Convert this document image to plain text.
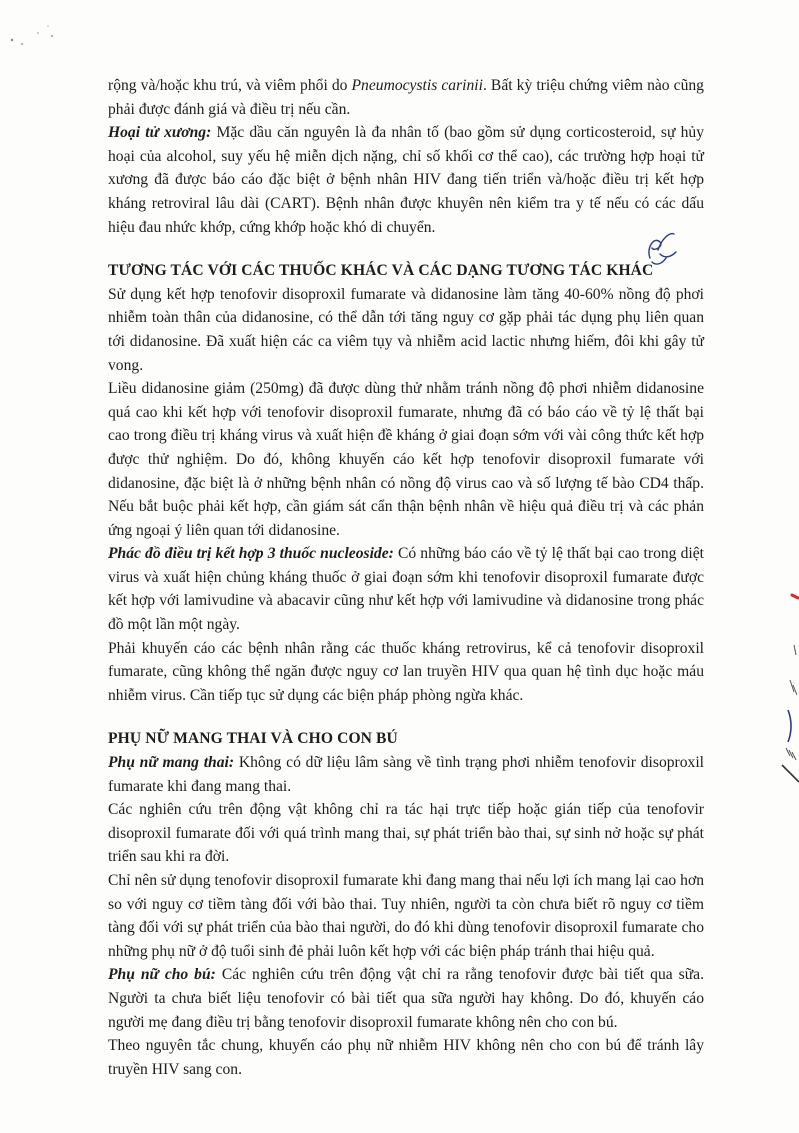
rộng và/hoặc khu trú, và viêm phổi do Pneumocystis carinii. Bất kỳ triệu chứng viêm nào cũng phải được đánh giá và điều trị nếu cần.

Hoại tử xương: Mặc dầu căn nguyên là đa nhân tố (bao gồm sử dụng corticosteroid, sự hủy hoại của alcohol, suy yếu hệ miễn dịch nặng, chỉ số khối cơ thể cao), các trường hợp hoại tử xương đã được báo cáo đặc biệt ở bệnh nhân HIV đang tiến triển và/hoặc điều trị kết hợp kháng retroviral lâu dài (CART). Bệnh nhân được khuyên nên kiểm tra y tế nếu có các dấu hiệu đau nhức khớp, cứng khớp hoặc khó di chuyển.

TƯƠNG TÁC VỚI CÁC THUỐC KHÁC VÀ CÁC DẠNG TƯƠNG TÁC KHÁC

Sử dụng kết hợp tenofovir disoproxil fumarate và didanosine làm tăng 40-60% nồng độ phơi nhiễm toàn thân của didanosine, có thể dẫn tới tăng nguy cơ gặp phải tác dụng phụ liên quan tới didanosine. Đã xuất hiện các ca viêm tụy và nhiễm acid lactic nhưng hiếm, đôi khi gây tử vong.

Liều didanosine giảm (250mg) đã được dùng thử nhằm tránh nồng độ phơi nhiễm didanosine quá cao khi kết hợp với tenofovir disoproxil fumarate, nhưng đã có báo cáo về tỷ lệ thất bại cao trong điều trị kháng virus và xuất hiện đề kháng ở giai đoạn sớm với vài công thức kết hợp được thử nghiệm. Do đó, không khuyến cáo kết hợp tenofovir disoproxil fumarate với didanosine, đặc biệt là ở những bệnh nhân có nồng độ virus cao và số lượng tế bào CD4 thấp. Nếu bắt buộc phải kết hợp, cần giám sát cẩn thận bệnh nhân về hiệu quả điều trị và các phản ứng ngoại ý liên quan tới didanosine.

Phác đồ điều trị kết hợp 3 thuốc nucleoside: Có những báo cáo về tỷ lệ thất bại cao trong diệt virus và xuất hiện chủng kháng thuốc ở giai đoạn sớm khi tenofovir disoproxil fumarate được kết hợp với lamivudine và abacavir cũng như kết hợp với lamivudine và didanosine trong phác đồ một lần một ngày.

Phải khuyến cáo các bệnh nhân rằng các thuốc kháng retrovirus, kể cả tenofovir disoproxil fumarate, cũng không thể ngăn được nguy cơ lan truyền HIV qua quan hệ tình dục hoặc máu nhiễm virus. Cần tiếp tục sử dụng các biện pháp phòng ngừa khác.

PHỤ NỮ MANG THAI VÀ CHO CON BÚ

Phụ nữ mang thai: Không có dữ liệu lâm sàng về tình trạng phơi nhiễm tenofovir disoproxil fumarate khi đang mang thai.

Các nghiên cứu trên động vật không chỉ ra tác hại trực tiếp hoặc gián tiếp của tenofovir disoproxil fumarate đối với quá trình mang thai, sự phát triển bào thai, sự sinh nở hoặc sự phát triển sau khi ra đời.

Chỉ nên sử dụng tenofovir disoproxil fumarate khi đang mang thai nếu lợi ích mang lại cao hơn so với nguy cơ tiềm tàng đối với bào thai. Tuy nhiên, người ta còn chưa biết rõ nguy cơ tiềm tàng đối với sự phát triển của bào thai người, do đó khi dùng tenofovir disoproxil fumarate cho những phụ nữ ở độ tuổi sinh đẻ phải luôn kết hợp với các biện pháp tránh thai hiệu quả.

Phụ nữ cho bú: Các nghiên cứu trên động vật chỉ ra rằng tenofovir được bài tiết qua sữa. Người ta chưa biết liệu tenofovir có bài tiết qua sữa người hay không. Do đó, khuyến cáo người mẹ đang điều trị bằng tenofovir disoproxil fumarate không nên cho con bú.

Theo nguyên tắc chung, khuyến cáo phụ nữ nhiễm HIV không nên cho con bú để tránh lây truyền HIV sang con.
